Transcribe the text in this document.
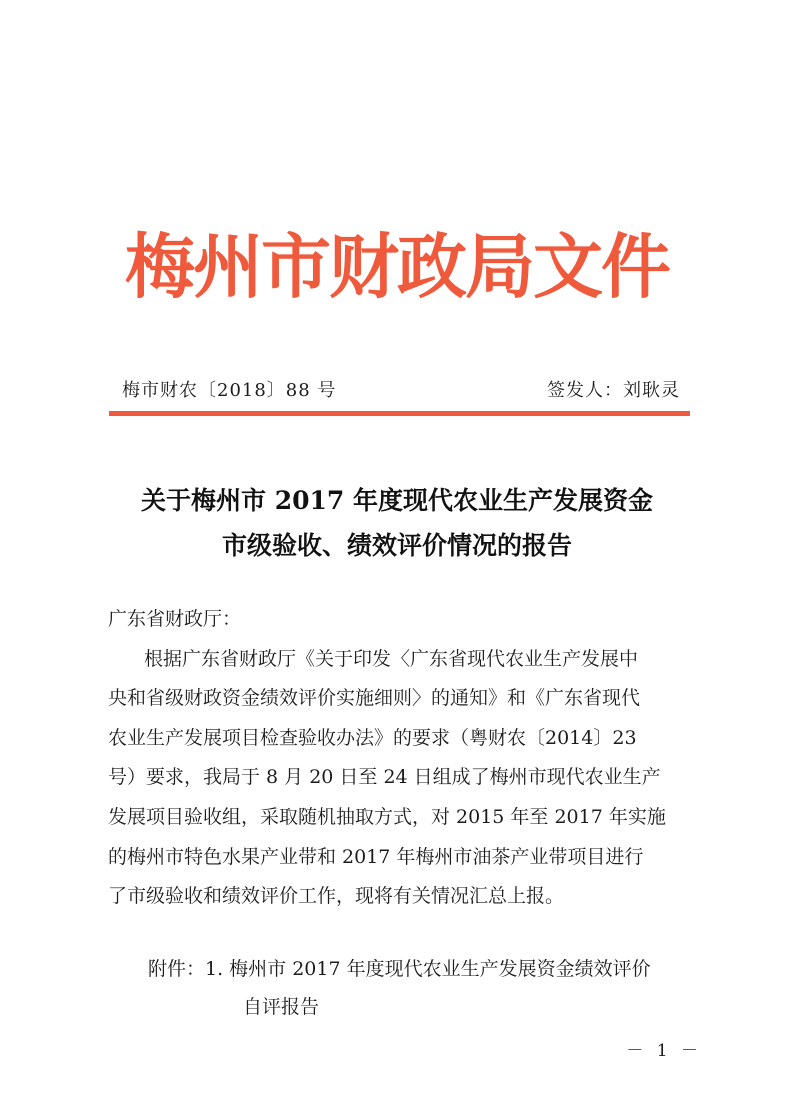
梅州市财政局文件
梅市财农〔2018〕88 号	签发人：刘耿灵
关于梅州市 2017 年度现代农业生产发展资金
市级验收、绩效评价情况的报告
广东省财政厅：
根据广东省财政厅《关于印发〈广东省现代农业生产发展中
央和省级财政资金绩效评价实施细则〉的通知》和《广东省现代
农业生产发展项目检查验收办法》的要求（粤财农〔2014〕23
号）要求，我局于 8 月 20 日至 24 日组成了梅州市现代农业生产
发展项目验收组，采取随机抽取方式，对 2015 年至 2017 年实施
的梅州市特色水果产业带和 2017 年梅州市油茶产业带项目进行
了市级验收和绩效评价工作，现将有关情况汇总上报。
附件：1. 梅州市 2017 年度现代农业生产发展资金绩效评价
自评报告
－ 1 －
